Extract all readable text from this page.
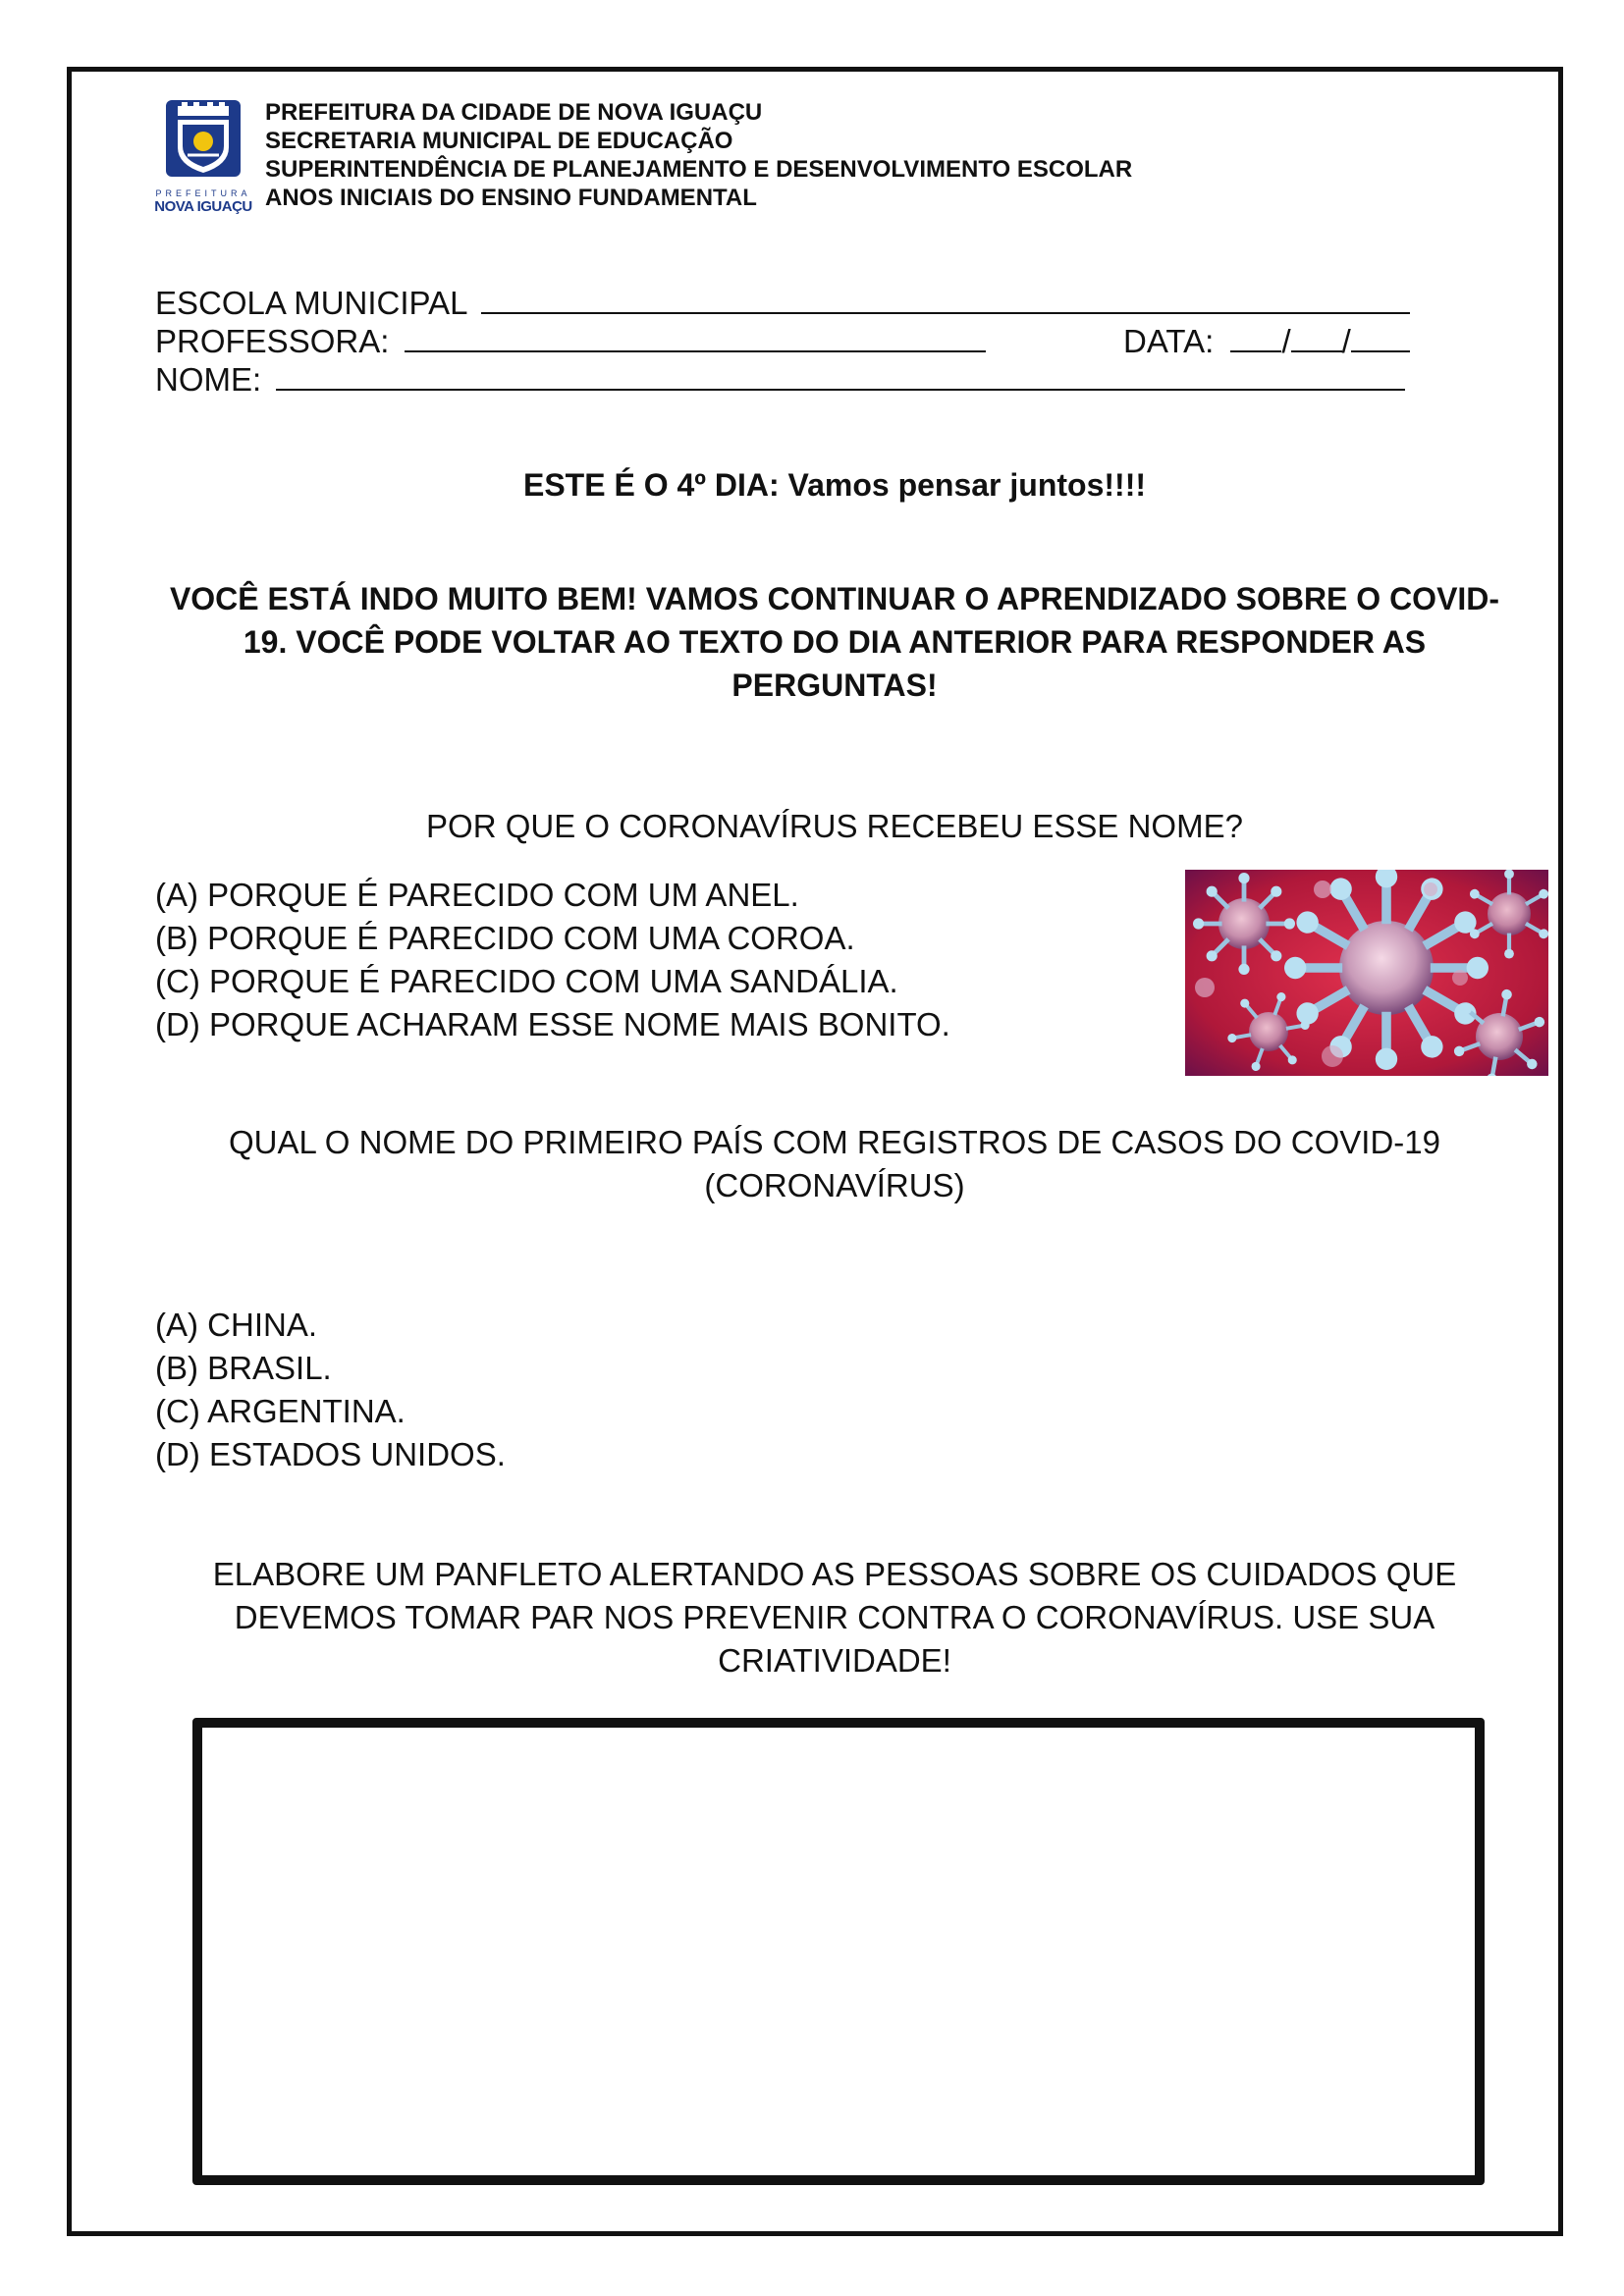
PREFEITURA
NOVA IGUAÇU
PREFEITURA DA CIDADE DE NOVA IGUAÇU
SECRETARIA MUNICIPAL DE EDUCAÇÃO
SUPERINTENDÊNCIA DE PLANEJAMENTO E DESENVOLVIMENTO ESCOLAR
ANOS INICIAIS DO ENSINO FUNDAMENTAL
ESCOLA MUNICIPAL
PROFESSORA:	DATA: / /
NOME:
ESTE É O 4º DIA: Vamos pensar juntos!!!!
VOCÊ ESTÁ INDO MUITO BEM! VAMOS CONTINUAR O APRENDIZADO SOBRE O COVID-19. VOCÊ PODE VOLTAR AO TEXTO DO DIA ANTERIOR PARA RESPONDER AS PERGUNTAS!
POR QUE O CORONAVÍRUS RECEBEU ESSE NOME?
(A) PORQUE É PARECIDO COM UM ANEL.
(B) PORQUE É PARECIDO COM UMA COROA.
(C) PORQUE É PARECIDO COM UMA SANDÁLIA.
(D) PORQUE ACHARAM ESSE NOME MAIS BONITO.
QUAL O NOME DO PRIMEIRO PAÍS COM REGISTROS DE CASOS DO COVID-19 (CORONAVÍRUS)
(A) CHINA.
(B) BRASIL.
(C) ARGENTINA.
(D) ESTADOS UNIDOS.
ELABORE UM PANFLETO ALERTANDO AS PESSOAS SOBRE OS CUIDADOS QUE DEVEMOS TOMAR PAR NOS PREVENIR CONTRA O CORONAVÍRUS. USE SUA CRIATIVIDADE!
